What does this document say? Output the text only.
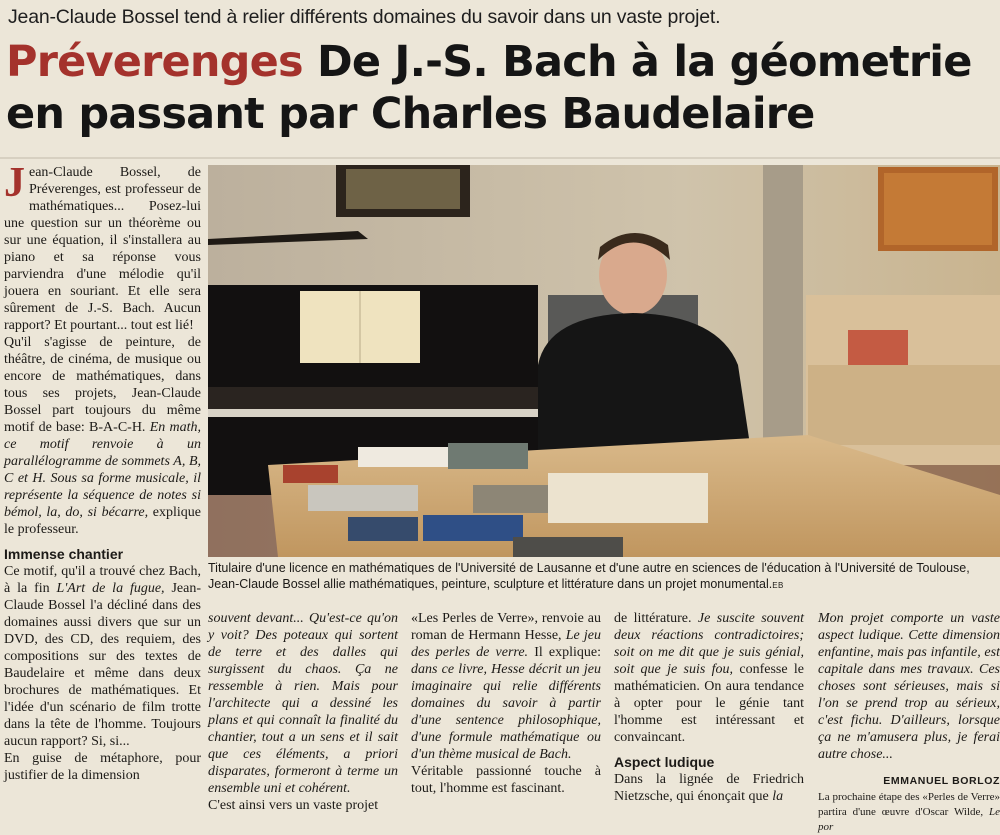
Jean-Claude Bossel tend à relier différents domaines du savoir dans un vaste projet.
Préverenges De J.-S. Bach à la géometrie
en passant par Charles Baudelaire

Jean-Claude Bossel, de Préverenges, est professeur de mathématiques... Posez-lui une question sur un théorème ou sur une équation, il s'installera au piano et sa réponse vous parviendra d'une mélodie qu'il jouera en souriant. Et elle sera sûrement de J.-S. Bach. Aucun rapport? Et pourtant... tout est lié!

Qu'il s'agisse de peinture, de théâtre, de cinéma, de musique ou encore de mathématiques, dans tous ses projets, Jean-Claude Bossel part toujours du même motif de base: B-A-C-H. En math, ce motif renvoie à un parallélogramme de sommets A, B, C et H. Sous sa forme musicale, il représente la séquence de notes si bémol, la, do, si bécarre, explique le professeur.

Immense chantier

Ce motif, qu'il a trouvé chez Bach, à la fin L'Art de la fugue, Jean-Claude Bossel l'a décliné dans des domaines aussi divers que sur un DVD, des CD, des requiem, des compositions sur des textes de Baudelaire et même dans deux brochures de mathématiques. Et l'idée d'un scénario de film trotte dans la tête de l'homme. Toujours aucun rapport? Si, si...

En guise de métaphore, pour justifier de la dimension

Titulaire d'une licence en mathématiques de l'Université de Lausanne et d'une autre en sciences de l'éducation à l'Université de Toulouse, Jean-Claude Bossel allie mathématiques, peinture, sculpture et littérature dans un projet monumental.EB

souvent devant... Qu'est-ce qu'on y voit? Des poteaux qui sortent de terre et des dalles qui surgissent du chaos. Ça ne ressemble à rien. Mais pour l'architecte qui a dessiné les plans et qui connaît la finalité du chantier, tout a un sens et il sait que ces éléments, a priori disparates, formeront à terme un ensemble uni et cohérent.

C'est ainsi vers un vaste projet

«Les Perles de Verre», renvoie au roman de Hermann Hesse, Le jeu des perles de verre. Il explique: dans ce livre, Hesse décrit un jeu imaginaire qui relie différents domaines du savoir à partir d'une sentence philosophique, d'une formule mathématique ou d'un thème musical de Bach.

Véritable passionné touche à tout, l'homme est fascinant.

de littérature. Je suscite souvent deux réactions contradictoires; soit on me dit que je suis génial, soit que je suis fou, confesse le mathématicien. On aura tendance à opter pour le génie tant l'homme est intéressant et convaincant.

Aspect ludique

Dans la lignée de Friedrich Nietzsche, qui énonçait que la

Mon projet comporte un vaste aspect ludique. Cette dimension enfantine, mais pas infantile, est capitale dans mes travaux. Ces choses sont sérieuses, mais si l'on se prend trop au sérieux, c'est fichu. D'ailleurs, lorsque ça ne m'amusera plus, je ferai autre chose...

EMMANUEL BORLOZ

La prochaine étape des «Perles de Verre» partira d'une œuvre d'Oscar Wilde, Le por
